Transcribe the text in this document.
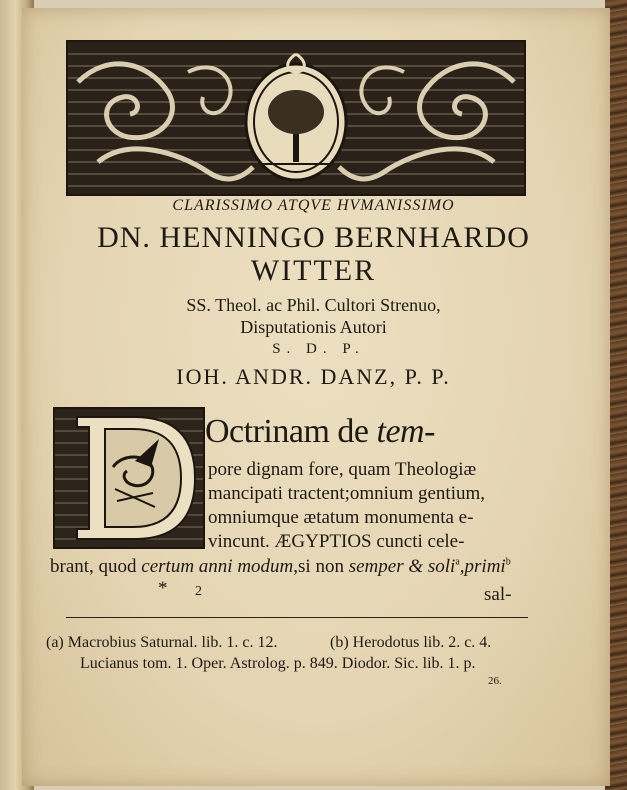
CLARISSIMO ATQVE HVMANISSIMO
DN. HENNINGO BERNHARDO
WITTER
SS. Theol. ac Phil. Cultori Strenuo,
Disputationis Autori
S. D. P.
IOH. ANDR. DANZ, P. P.
Octrinam de tem-
pore dignam fore, quam Theologiæ
mancipati tractent;omnium gentium,
omniumque ætatum monumenta e-
vincunt. ÆGYPTIOS cuncti cele-
brant, quod certum anni modum,si non semper & soli$^a$,primi$^b$
* 2	sal-
(a) Macrobius Saturnal. lib. 1. c. 12.	(b) Herodotus lib. 2. c. 4.
Lucianus tom. 1. Oper. Astrolog. p. 849. Diodor. Sic. lib. 1. p.
26.
